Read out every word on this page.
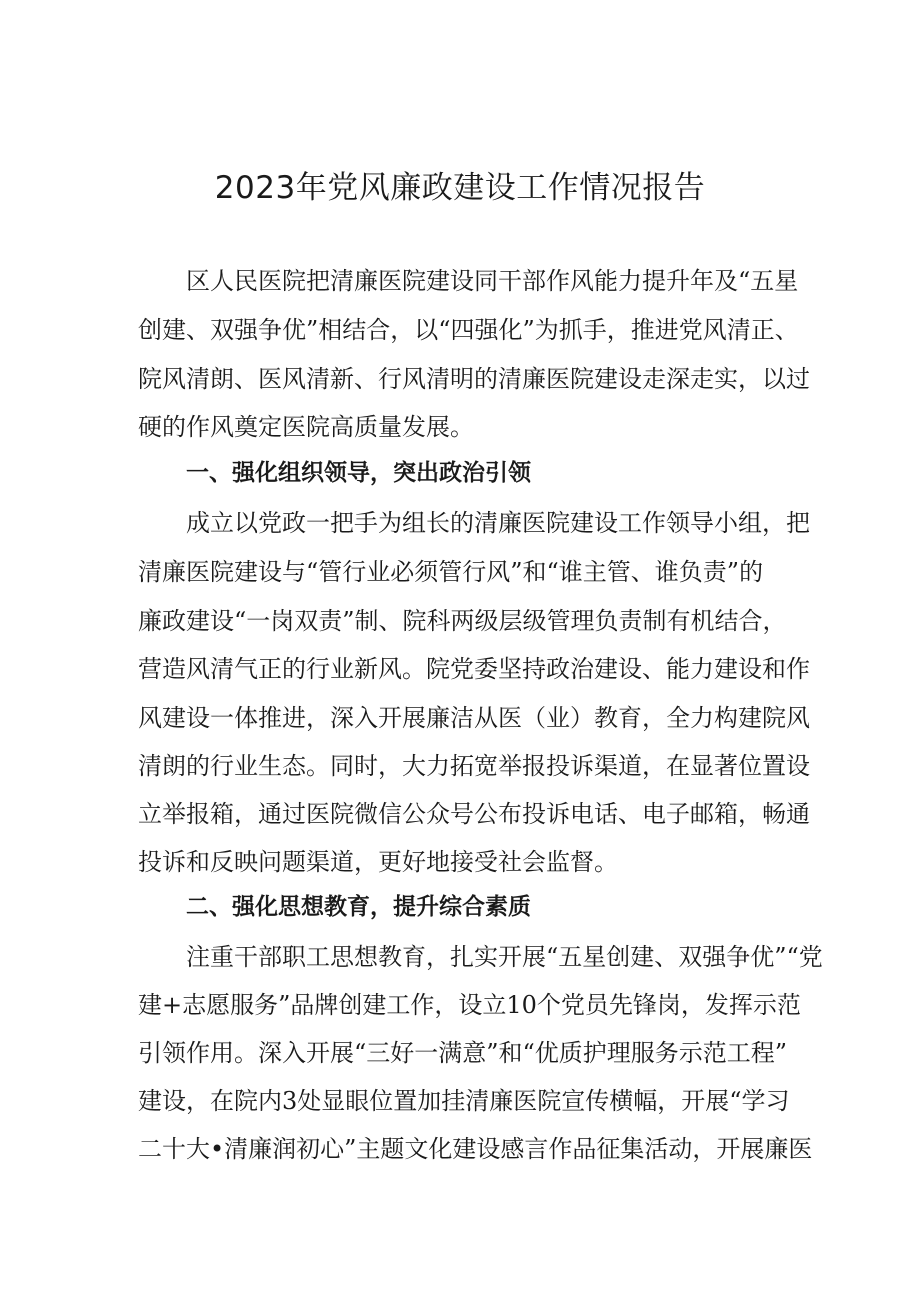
2023年党风廉政建设工作情况报告

区人民医院把清廉医院建设同干部作风能力提升年及“五星

创建、双强争优”相结合，以“四强化”为抓手，推进党风清正、

院风清朗、医风清新、行风清明的清廉医院建设走深走实，以过

硬的作风奠定医院高质量发展。

一、强化组织领导，突出政治引领

成立以党政一把手为组长的清廉医院建设工作领导小组，把

清廉医院建设与“管行业必须管行风”和“谁主管、谁负责”的

廉政建设“一岗双责”制、院科两级层级管理负责制有机结合，

营造风清气正的行业新风。院党委坚持政治建设、能力建设和作

风建设一体推进，深入开展廉洁从医（业）教育，全力构建院风

清朗的行业生态。同时，大力拓宽举报投诉渠道，在显著位置设

立举报箱，通过医院微信公众号公布投诉电话、电子邮箱，畅通

投诉和反映问题渠道，更好地接受社会监督。

二、强化思想教育，提升综合素质

注重干部职工思想教育，扎实开展“五星创建、双强争优”“党

建+志愿服务”品牌创建工作，设立10个党员先锋岗，发挥示范

引领作用。深入开展“三好一满意”和“优质护理服务示范工程”

建设，在院内3处显眼位置加挂清廉医院宣传横幅，开展“学习

二十大•清廉润初心”主题文化建设感言作品征集活动，开展廉医
